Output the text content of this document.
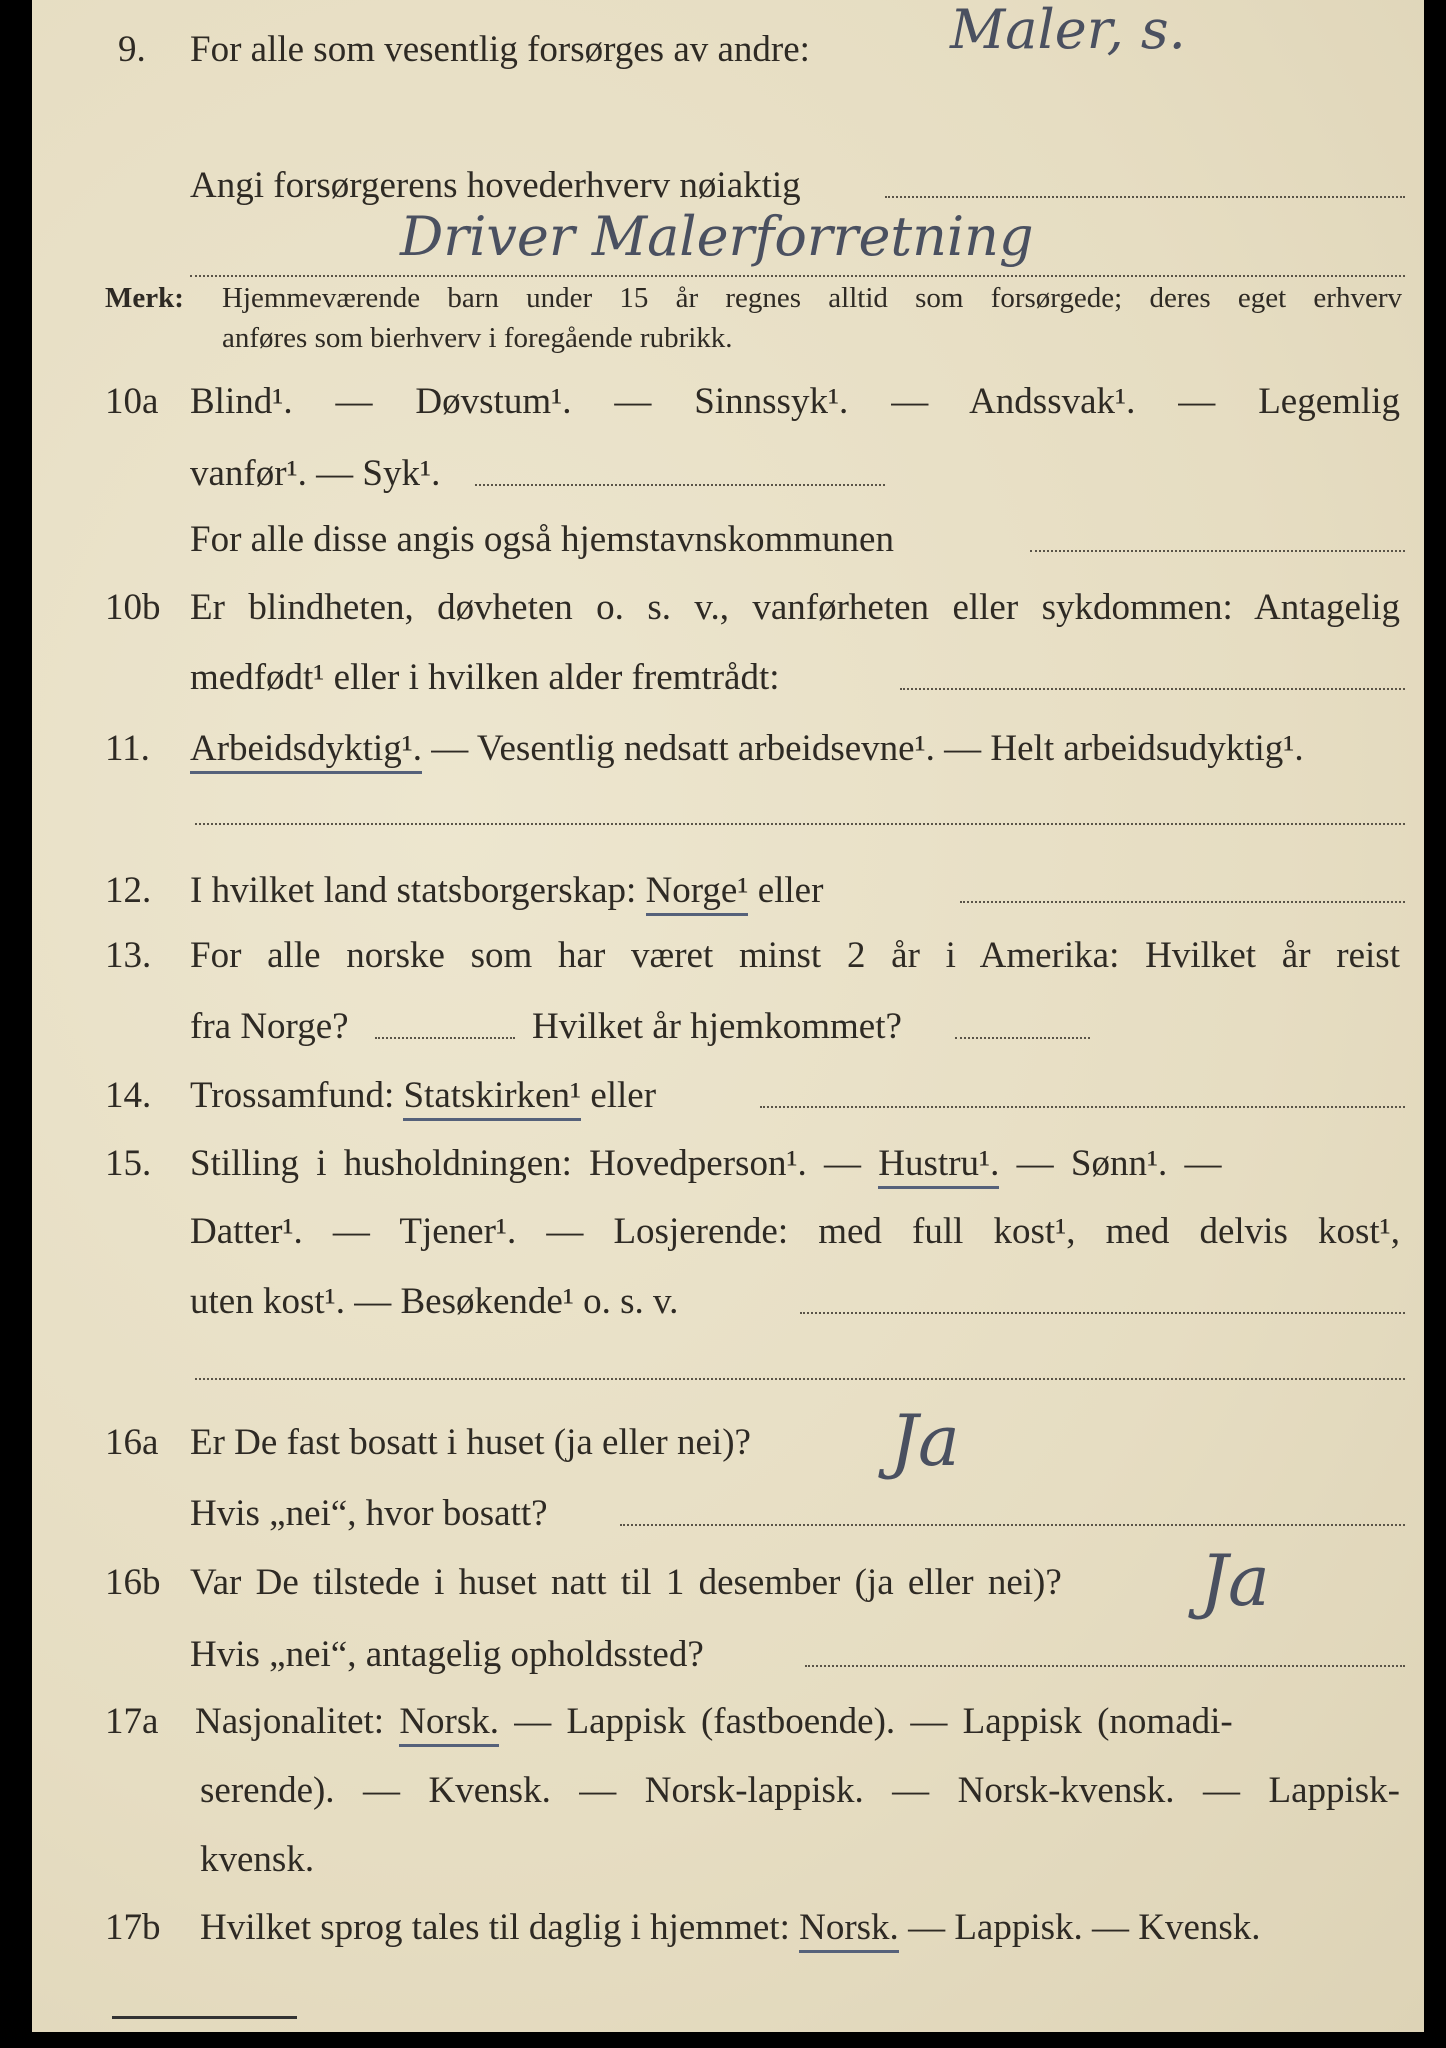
9. For alle som vesentlig forsørges av andre:	Maler, s.
Angi forsørgerens hovederhverv nøiaktig
Driver Malerforretning
Merk: Hjemmeværende barn under 15 år regnes alltid som forsørgede; deres eget erhverv
anføres som bierhverv i foregående rubrikk.
10a Blind¹. — Døvstum¹. — Sinnssyk¹. — Andssvak¹. — Legemlig
vanfør¹. — Syk¹.
For alle disse angis også hjemstavnskommunen
10b Er blindheten, døvheten o. s. v., vanførheten eller sykdommen: Antagelig
medfødt¹ eller i hvilken alder fremtrådt:
11. Arbeidsdyktig¹. — Vesentlig nedsatt arbeidsevne¹. — Helt arbeidsudyktig¹.
12. I hvilket land statsborgerskap: Norge¹ eller
13. For alle norske som har været minst 2 år i Amerika: Hvilket år reist
fra Norge?	Hvilket år hjemkommet?
14. Trossamfund: Statskirken¹ eller
15. Stilling i husholdningen: Hovedperson¹. — Hustru¹. — Sønn¹. —
Datter¹. — Tjener¹. — Losjerende: med full kost¹, med delvis kost¹,
uten kost¹. — Besøkende¹ o. s. v.
16a Er De fast bosatt i huset (ja eller nei)? Ja
Hvis „nei“, hvor bosatt?
16b Var De tilstede i huset natt til 1 desember (ja eller nei)? Ja
Hvis „nei“, antagelig opholdssted?
17a Nasjonalitet: Norsk. — Lappisk (fastboende). — Lappisk (nomadi-
serende). — Kvensk. — Norsk-lappisk. — Norsk-kvensk. — Lappisk-
kvensk.
17b Hvilket sprog tales til daglig i hjemmet: Norsk. — Lappisk. — Kvensk.
